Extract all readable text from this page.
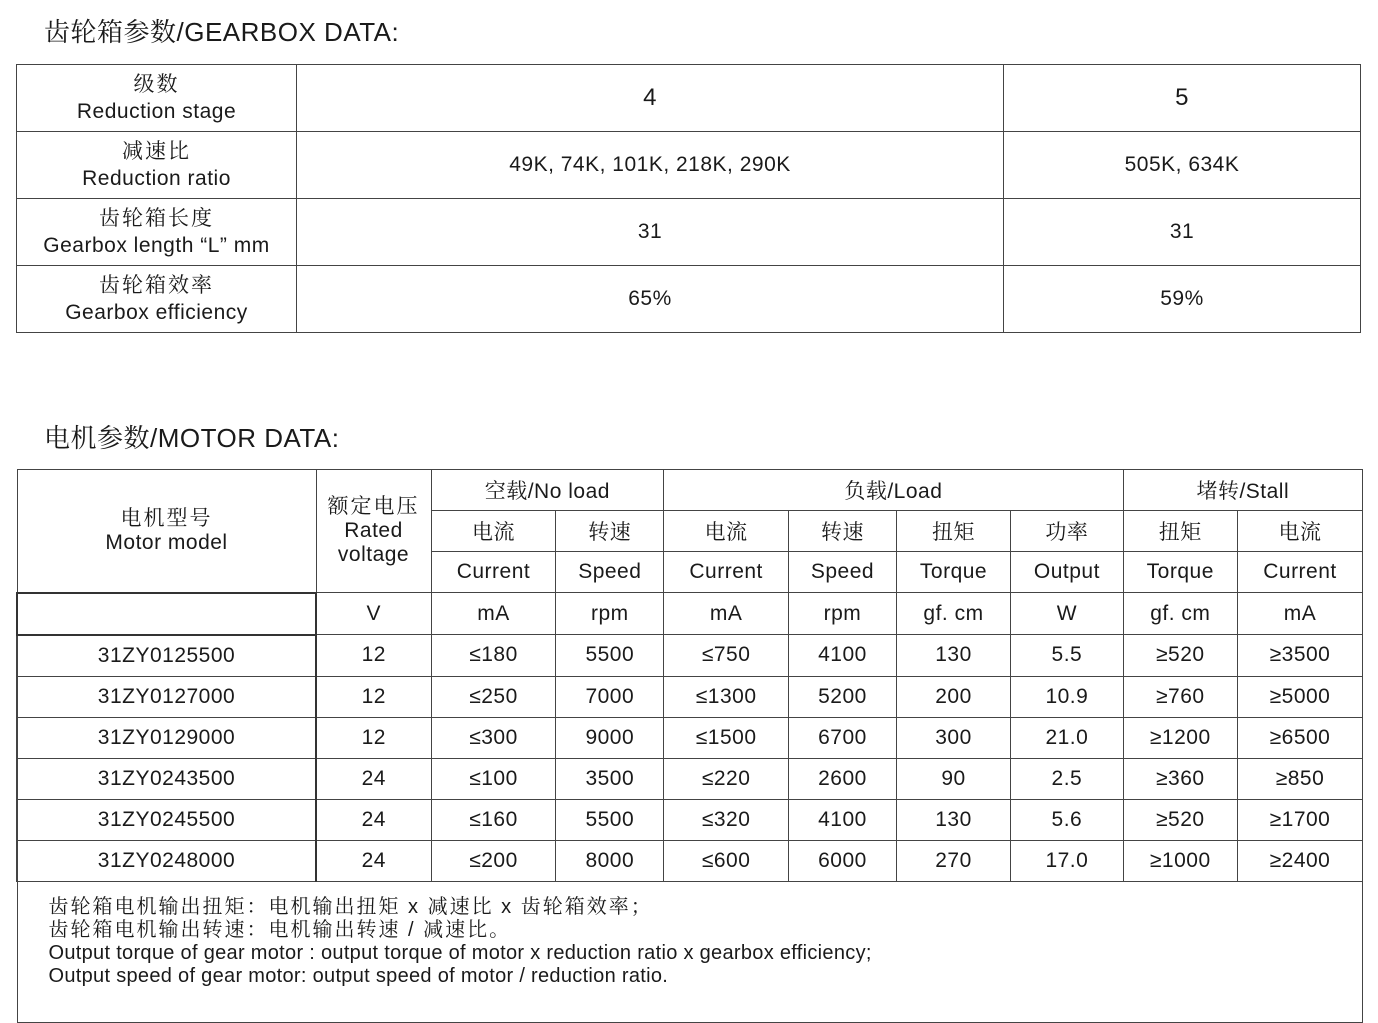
齿轮箱参数/GEARBOX DATA:
级数
Reduction stage	4	5
减速比
Reduction ratio	49K, 74K, 101K, 218K, 290K	505K, 634K
齿轮箱长度
Gearbox length “L” mm	31	31
齿轮箱效率
Gearbox efficiency	65%	59%
电机参数/MOTOR DATA:
电机型号
Motor model	额定电压
Rated
voltage	空载/No load		负载/Load				堵转/Stall	
		电流	转速	电流	转速	扭矩	功率	扭矩	电流
		Current	Speed	Current	Speed	Torque	Output	Torque	Current
	V	mA	rpm	mA	rpm	gf. cm	W	gf. cm	mA
31ZY0125500	12	≤180	5500	≤750	4100	130	5.5	≥520	≥3500
31ZY0127000	12	≤250	7000	≤1300	5200	200	10.9	≥760	≥5000
31ZY0129000	12	≤300	9000	≤1500	6700	300	21.0	≥1200	≥6500
31ZY0243500	24	≤100	3500	≤220	2600	90	2.5	≥360	≥850
31ZY0245500	24	≤160	5500	≤320	4100	130	5.6	≥520	≥1700
31ZY0248000	24	≤200	8000	≤600	6000	270	17.0	≥1000	≥2400

齿轮箱电机输出扭矩：电机输出扭矩 x 减速比 x 齿轮箱效率；
齿轮箱电机输出转速：电机输出转速 / 减速比。
Output torque of gear motor : output torque of motor x reduction ratio x gearbox efficiency;
Output speed of gear motor: output speed of motor / reduction ratio.									
